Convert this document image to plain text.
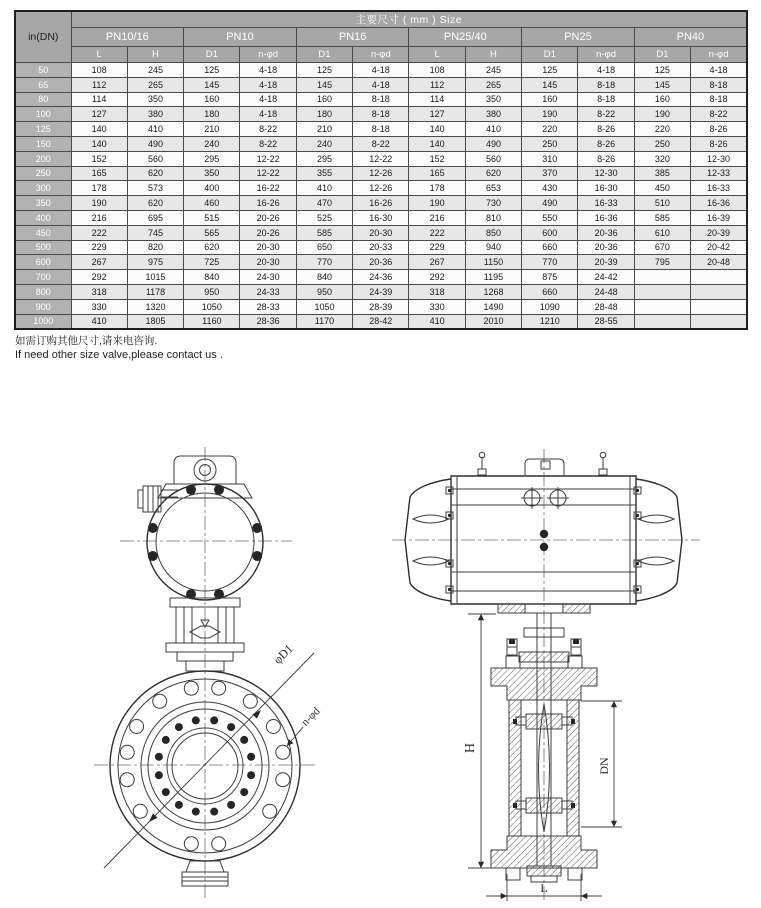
in(DN)	主要尺寸 ( mm ) Size											
	PN10/16		PN10		PN16		PN25/40		PN25		PN40	
	L	H	D1	n-φd	D1	n-φd	L	H	D1	n-φd	D1	n-φd
50	108	245	125	4-18	125	4-18	108	245	125	4-18	125	4-18
65	112	265	145	4-18	145	4-18	112	265	145	8-18	145	8-18
80	114	350	160	4-18	160	8-18	114	350	160	8-18	160	8-18
100	127	380	180	4-18	180	8-18	127	380	190	8-22	190	8-22
125	140	410	210	8-22	210	8-18	140	410	220	8-26	220	8-26
150	140	490	240	8-22	240	8-22	140	490	250	8-26	250	8-26
200	152	560	295	12-22	295	12-22	152	560	310	8-26	320	12-30
250	165	620	350	12-22	355	12-26	165	620	370	12-30	385	12-33
300	178	573	400	16-22	410	12-26	178	653	430	16-30	450	16-33
350	190	620	460	16-26	470	16-26	190	730	490	16-33	510	16-36
400	216	695	515	20-26	525	16-30	216	810	550	16-36	585	16-39
450	222	745	565	20-26	585	20-30	222	850	600	20-36	610	20-39
500	229	820	620	20-30	650	20-33	229	940	660	20-36	670	20-42
600	267	975	725	20-30	770	20-36	267	1150	770	20-39	795	20-48
700	292	1015	840	24-30	840	24-36	292	1195	875	24-42		
800	318	1178	950	24-33	950	24-39	318	1268	660	24-48		
900	330	1320	1050	28-33	1050	28-39	330	1490	1090	28-48		
1000	410	1805	1160	28-36	1170	28-42	410	2010	1210	28-55		
如需订购其他尺寸,请来电咨询.
If need other size valve,please contact us .
φD1
n-φd
H
DN
L
